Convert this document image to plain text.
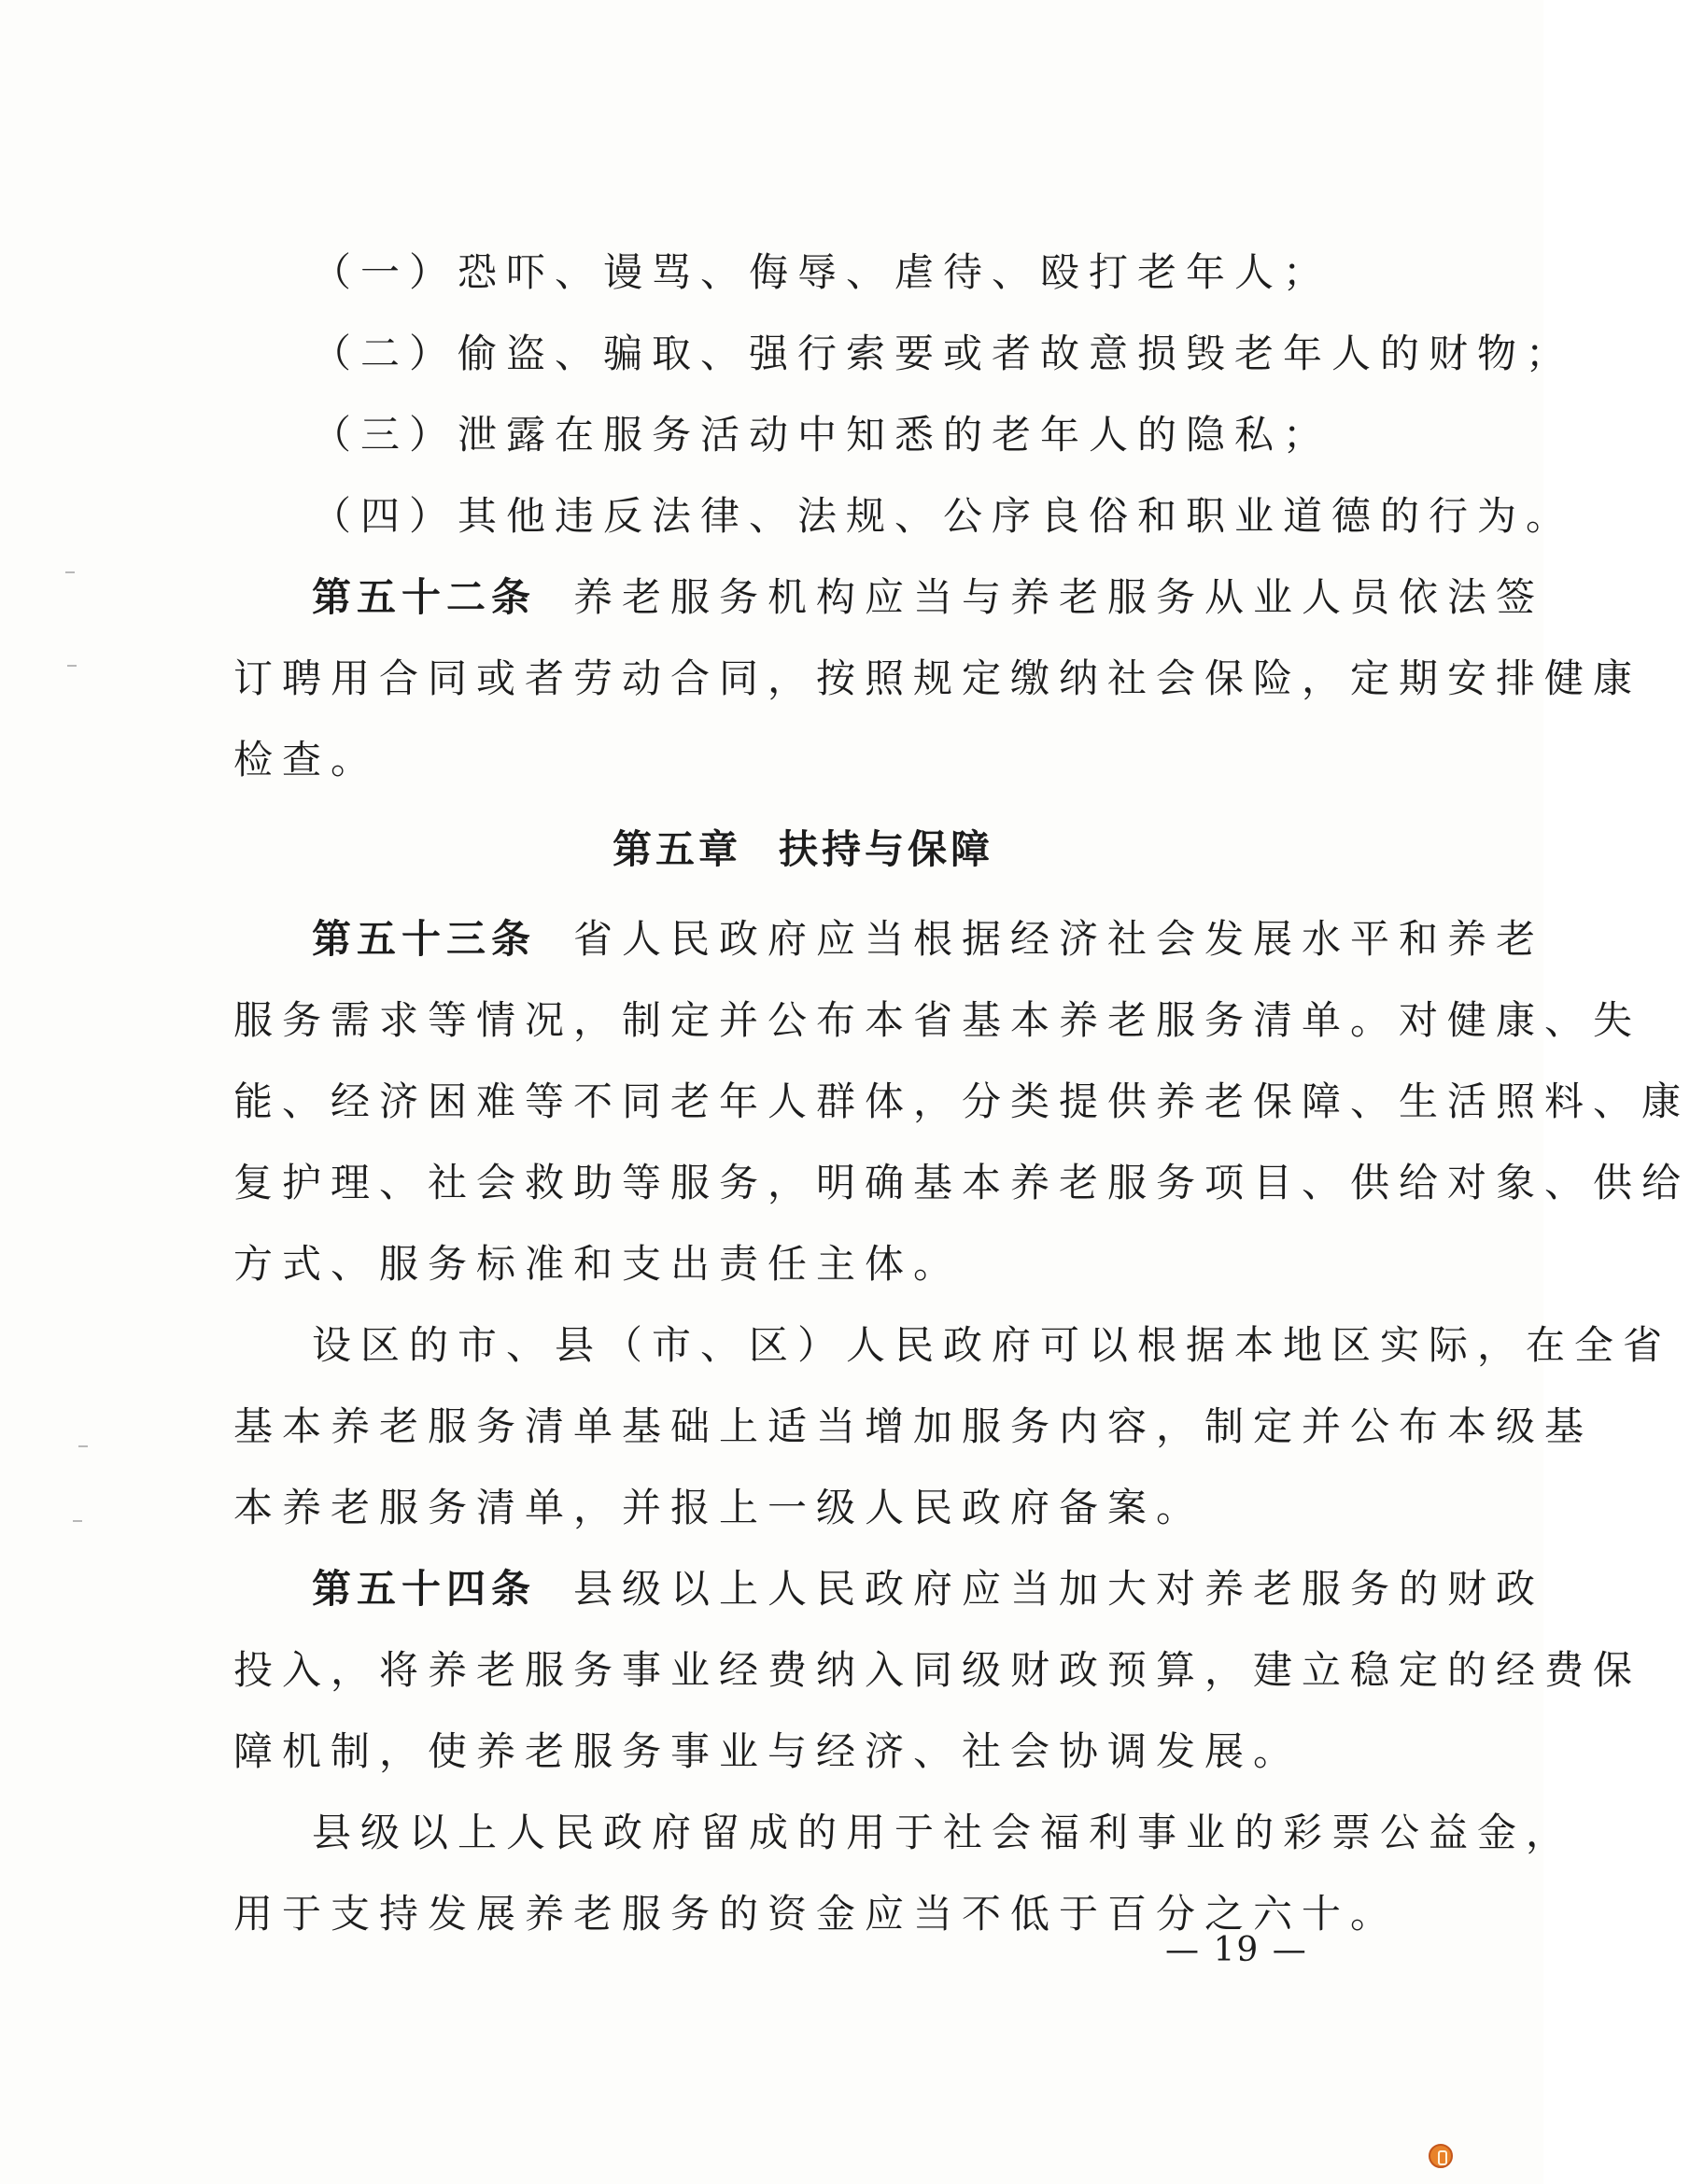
（一）恐吓、谩骂、侮辱、虐待、殴打老年人；
（二）偷盗、骗取、强行索要或者故意损毁老年人的财物；
（三）泄露在服务活动中知悉的老年人的隐私；
（四）其他违反法律、法规、公序良俗和职业道德的行为。
第五十二条 养老服务机构应当与养老服务从业人员依法签
订聘用合同或者劳动合同，按照规定缴纳社会保险，定期安排健康
检查。
第五章 扶持与保障
第五十三条 省人民政府应当根据经济社会发展水平和养老
服务需求等情况，制定并公布本省基本养老服务清单。对健康、失
能、经济困难等不同老年人群体，分类提供养老保障、生活照料、康
复护理、社会救助等服务，明确基本养老服务项目、供给对象、供给
方式、服务标准和支出责任主体。
设区的市、县（市、区）人民政府可以根据本地区实际，在全省
基本养老服务清单基础上适当增加服务内容，制定并公布本级基
本养老服务清单，并报上一级人民政府备案。
第五十四条 县级以上人民政府应当加大对养老服务的财政
投入，将养老服务事业经费纳入同级财政预算，建立稳定的经费保
障机制，使养老服务事业与经济、社会协调发展。
县级以上人民政府留成的用于社会福利事业的彩票公益金，
用于支持发展养老服务的资金应当不低于百分之六十。
— 19 —
